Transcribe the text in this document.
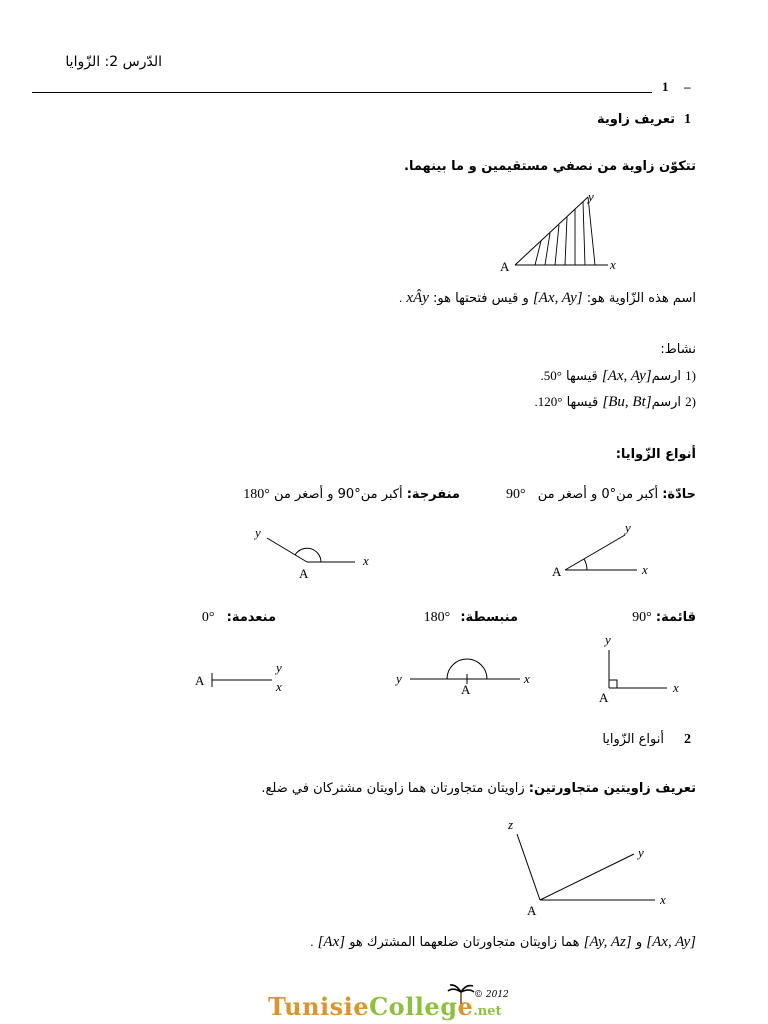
الدّرس 2: الزّوايا
1 –
1
تعريف زاوية
تتكوّن زاوية من نصفي مستقيمين و ما بينهما.
A	x
y
اسم هذه الزّاوية هو: [Ax, Ay] و قيس فتحتها هو: xÂy .
نشاط:
1) ارسم[Ax, Ay] قيسها 50°.
2) ارسم[Bu, Bt] قيسها 120°.
أنواع الزّوايا:
حادّة: أكبر من°0 و أصغر من 90°
منفرجة: أكبر من°90 و أصغر من 180°
A
x
y
A	x
y
قائمة: 90°
منبسطة: 180°
منعدمة: 0°
A
y
x	A
x
y
A
x
y
2
أنواع الزّوايا
تعريف زاويتين متجاورتين: زاويتان متجاورتان هما زاويتان مشتركان في ضلع.
A
x
y
z
[Ax, Ay] و [Ay, Az] هما زاويتان متجاورتان ضلعهما المشترك هو [Ax] .
TunisieCollege.net
© 2012
